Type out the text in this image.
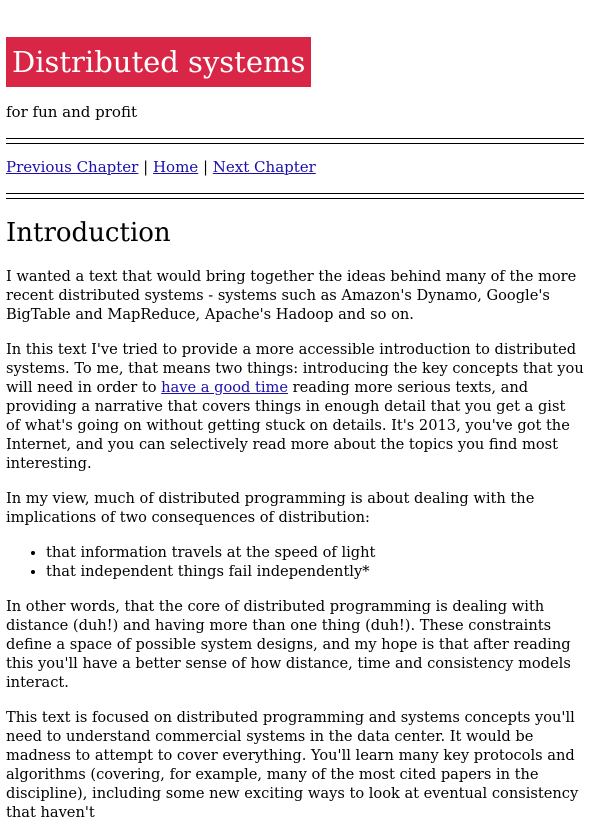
Distributed systems
for fun and profit
Previous Chapter | Home | Next Chapter
Introduction

I wanted a text that would bring together the ideas behind many of the more recent distributed systems - systems such as Amazon's Dynamo, Google's BigTable and MapReduce, Apache's Hadoop and so on.

In this text I've tried to provide a more accessible introduction to distributed systems. To me, that means two things: introducing the key concepts that you will need in order to have a good time reading more serious texts, and providing a narrative that covers things in enough detail that you get a gist of what's going on without getting stuck on details. It's 2013, you've got the Internet, and you can selectively read more about the topics you find most interesting.

In my view, much of distributed programming is about dealing with the implications of two consequences of distribution:

• that information travels at the speed of light
• that independent things fail independently*

In other words, that the core of distributed programming is dealing with distance (duh!) and having more than one thing (duh!). These constraints define a space of possible system designs, and my hope is that after reading this you'll have a better sense of how distance, time and consistency models interact.

This text is focused on distributed programming and systems concepts you'll need to understand commercial systems in the data center. It would be madness to attempt to cover everything. You'll learn many key protocols and algorithms (covering, for example, many of the most cited papers in the discipline), including some new exciting ways to look at eventual consistency that haven't
